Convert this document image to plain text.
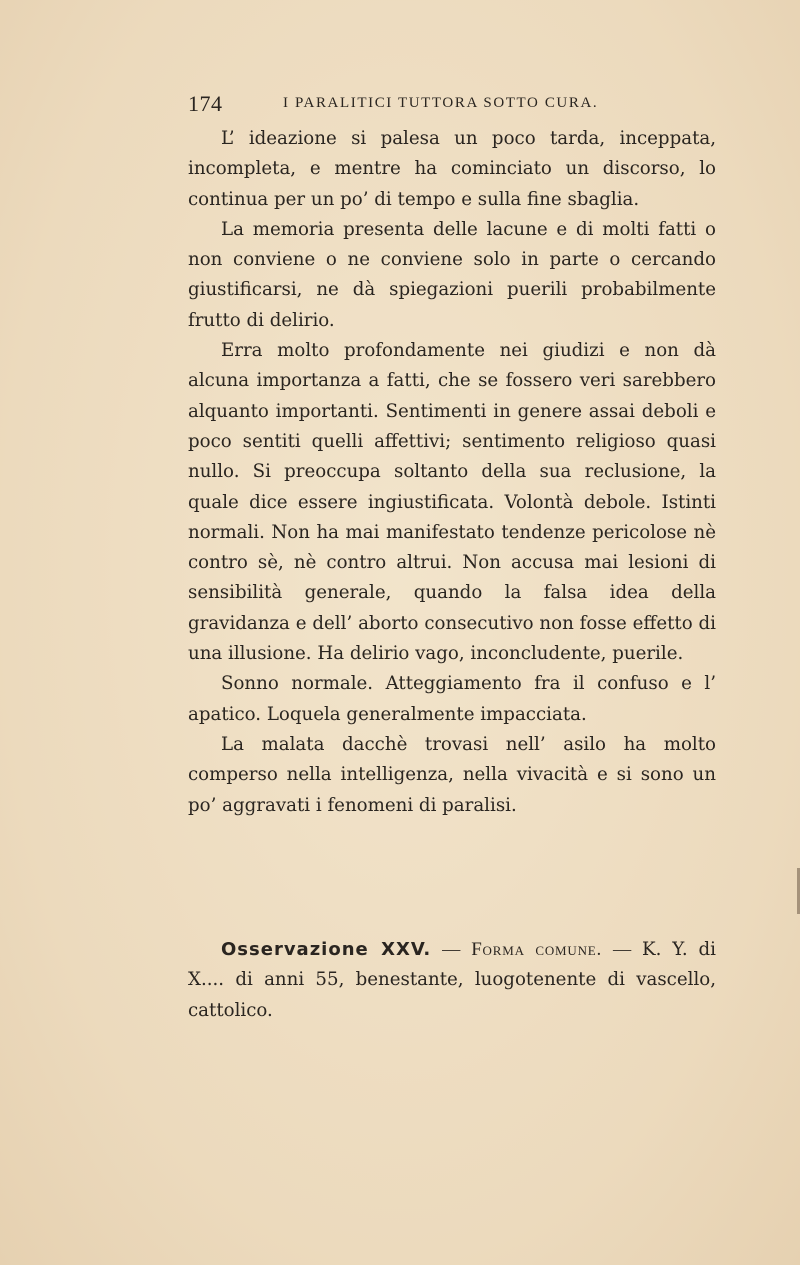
174	I PARALITICI TUTTORA SOTTO CURA.

L’ ideazione si palesa un poco tarda, inceppata, incompleta, e mentre ha cominciato un discorso, lo continua per un po’ di tempo e sulla fine sbaglia.

La memoria presenta delle lacune e di molti fatti o non conviene o ne conviene solo in parte o cercando giustificarsi, ne dà spiegazioni puerili probabilmente frutto di delirio.

Erra molto profondamente nei giudizi e non dà alcuna importanza a fatti, che se fossero veri sarebbero alquanto importanti. Sentimenti in genere assai deboli e poco sentiti quelli affettivi; sentimento religioso quasi nullo. Si preoccupa soltanto della sua reclusione, la quale dice essere ingiustificata. Volontà debole. Istinti normali. Non ha mai manifestato tendenze pericolose nè contro sè, nè contro altrui. Non accusa mai lesioni di sensibilità generale, quando la falsa idea della gravidanza e dell’ aborto consecutivo non fosse effetto di una illusione. Ha delirio vago, inconcludente, puerile.

Sonno normale. Atteggiamento fra il confuso e l’ apatico. Loquela generalmente impacciata.

La malata dacchè trovasi nell’ asilo ha molto comperso nella intelligenza, nella vivacità e si sono un po’ aggravati i fenomeni di paralisi.

Osservazione XXV. — Forma comune. — K. Y. di X.... di anni 55, benestante, luogotenente di vascello, cattolico.
